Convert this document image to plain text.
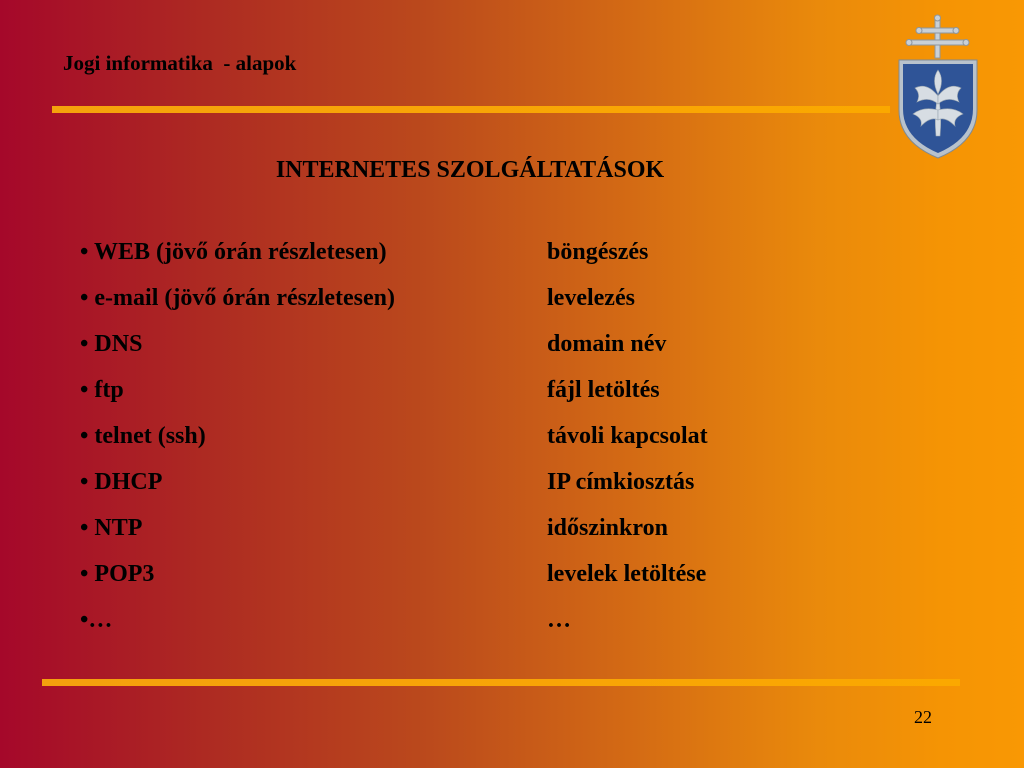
Jogi informatika  - alapok
INTERNETES SZOLGÁLTATÁSOK
• WEB (jövő órán részletesen)	böngészés
• e-mail (jövő órán részletesen)	levelezés
• DNS	domain név
• ftp	fájl letöltés
• telnet (ssh)	távoli kapcsolat
• DHCP	IP címkiosztás
• NTP	időszinkron
• POP3	levelek letöltése
•…	…
22
